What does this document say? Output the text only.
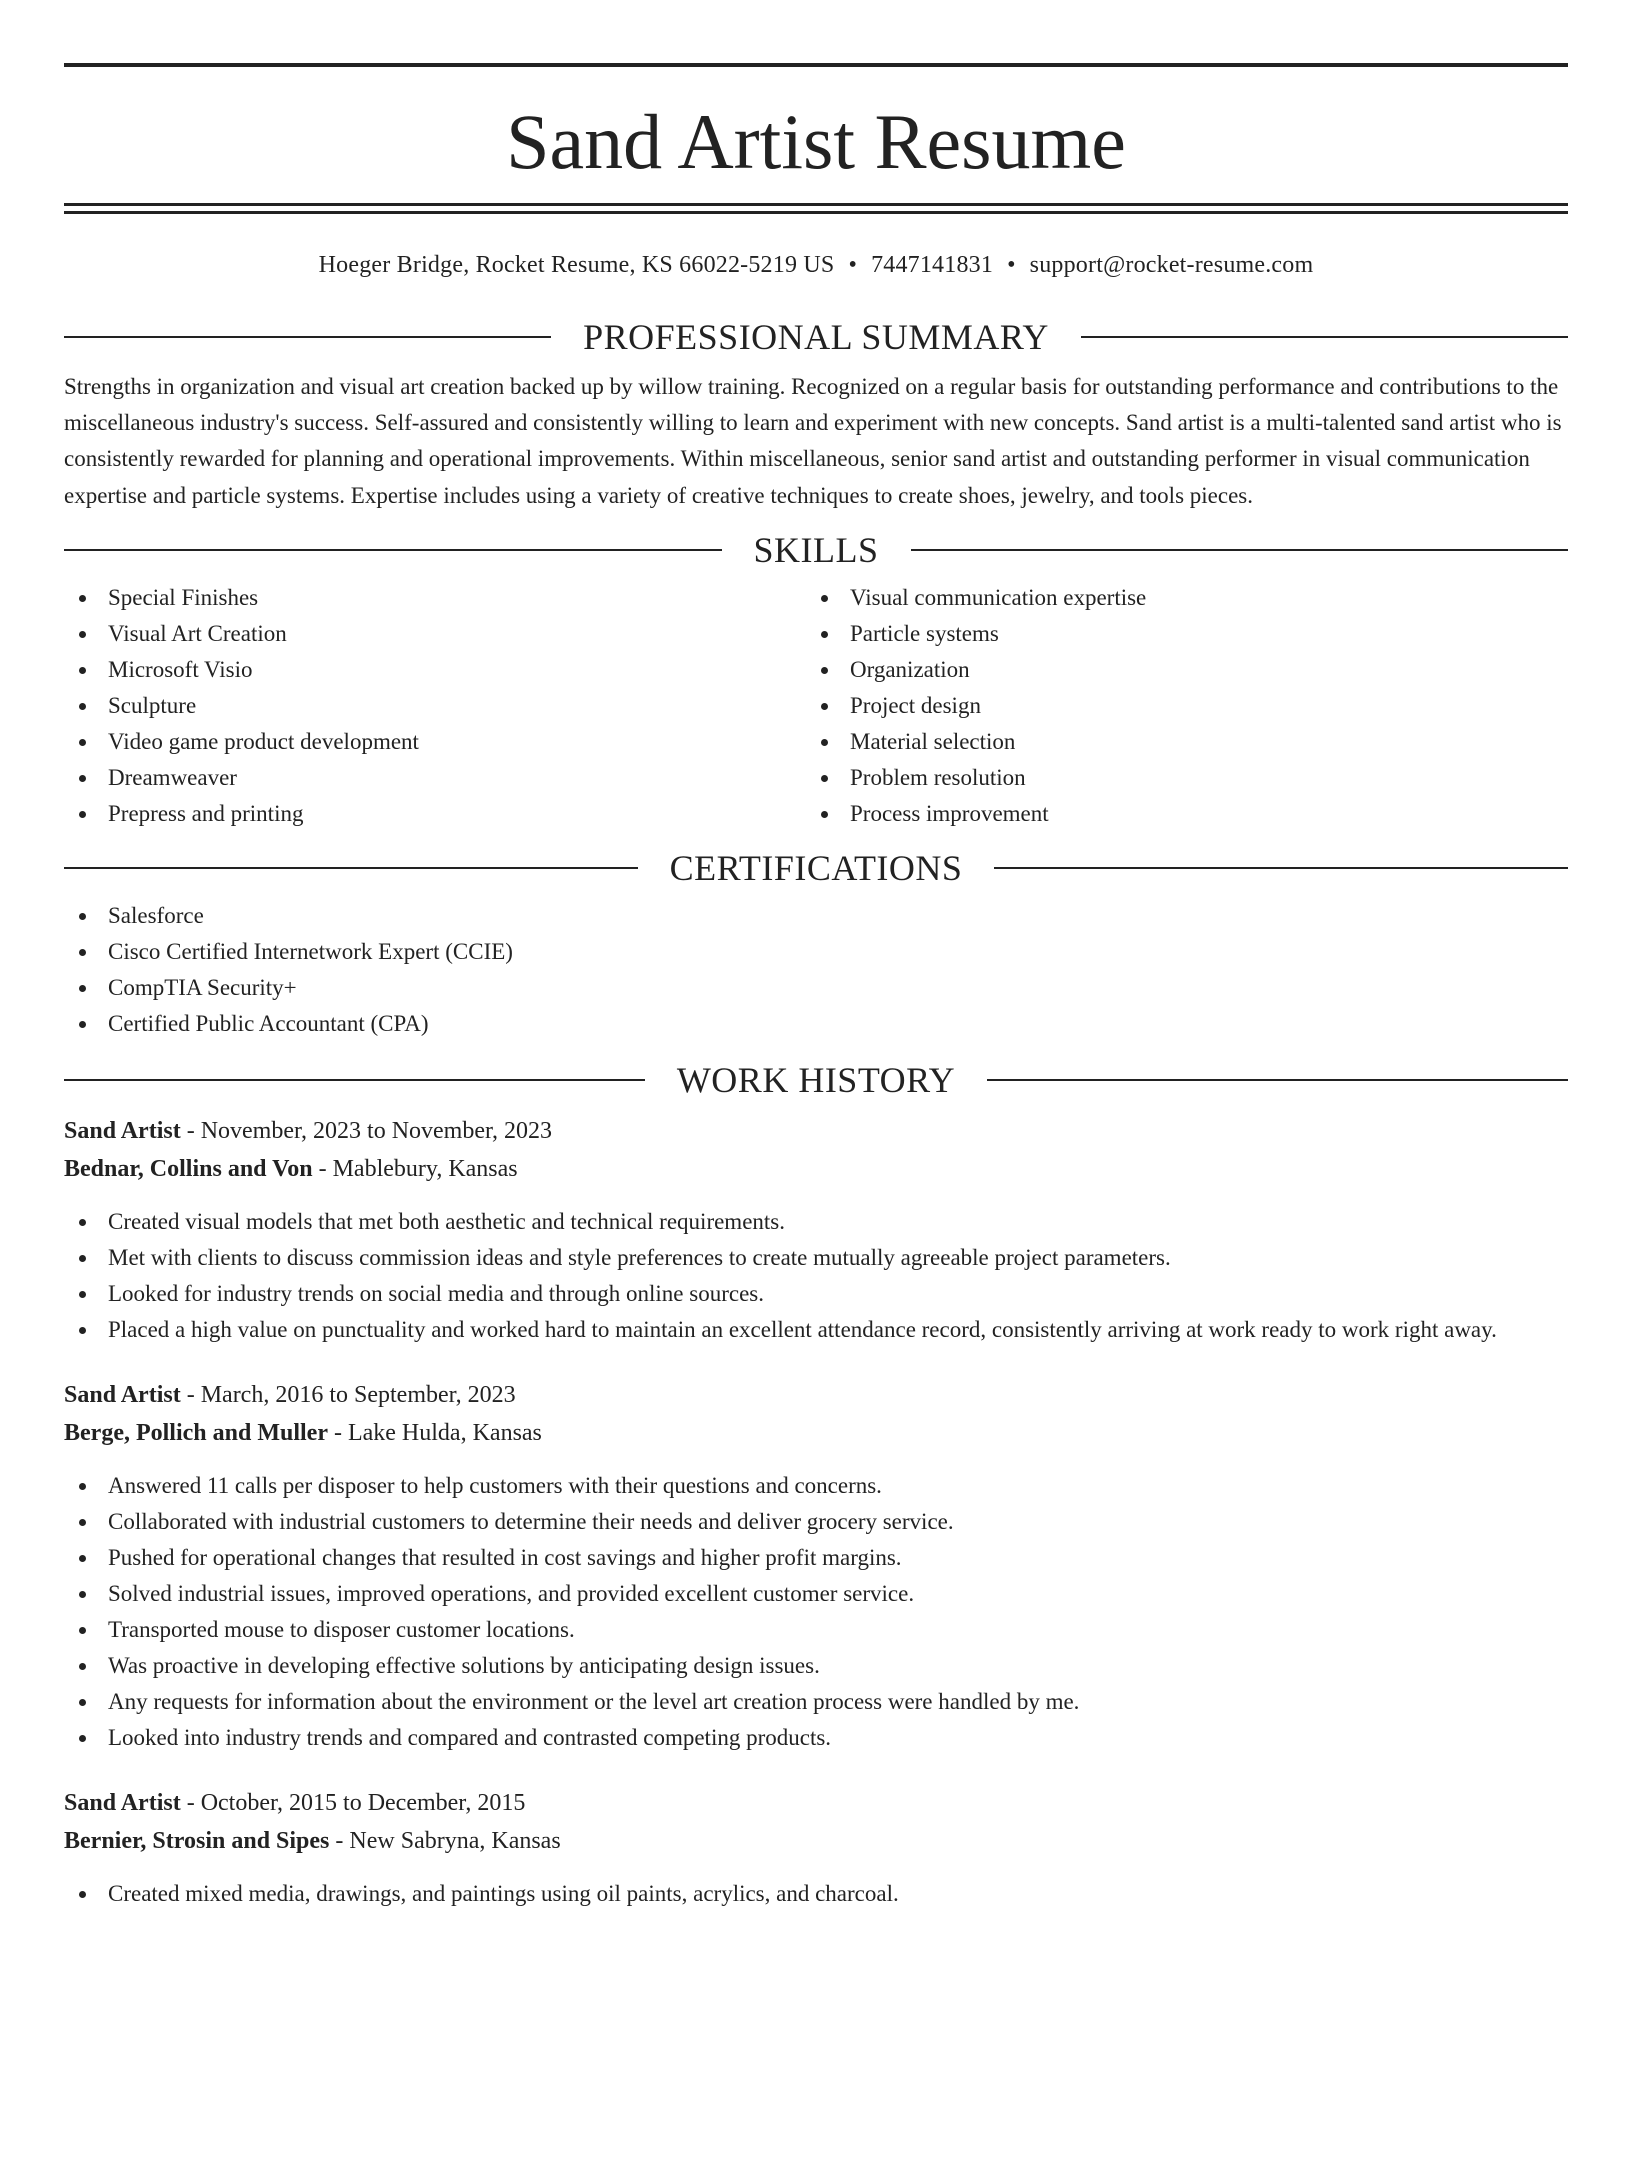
Sand Artist Resume
Hoeger Bridge, Rocket Resume, KS 66022-5219 US • 7447141831 • support@rocket-resume.com
PROFESSIONAL SUMMARY

Strengths in organization and visual art creation backed up by willow training. Recognized on a regular basis for outstanding performance and contributions to the miscellaneous industry's success. Self-assured and consistently willing to learn and experiment with new concepts. Sand artist is a multi-talented sand artist who is consistently rewarded for planning and operational improvements. Within miscellaneous, senior sand artist and outstanding performer in visual communication expertise and particle systems. Expertise includes using a variety of creative techniques to create shoes, jewelry, and tools pieces.

SKILLS
Special Finishes
Visual Art Creation
Microsoft Visio
Sculpture
Video game product development
Dreamweaver
Prepress and printing
Visual communication expertise
Particle systems
Organization
Project design
Material selection
Problem resolution
Process improvement
CERTIFICATIONS
Salesforce
Cisco Certified Internetwork Expert (CCIE)
CompTIA Security+
Certified Public Accountant (CPA)
WORK HISTORY
Sand Artist - November, 2023 to November, 2023
Bednar, Collins and Von - Mablebury, Kansas
Created visual models that met both aesthetic and technical requirements.
Met with clients to discuss commission ideas and style preferences to create mutually agreeable project parameters.
Looked for industry trends on social media and through online sources.
Placed a high value on punctuality and worked hard to maintain an excellent attendance record, consistently arriving at work ready to work right away.
Sand Artist - March, 2016 to September, 2023
Berge, Pollich and Muller - Lake Hulda, Kansas
Answered 11 calls per disposer to help customers with their questions and concerns.
Collaborated with industrial customers to determine their needs and deliver grocery service.
Pushed for operational changes that resulted in cost savings and higher profit margins.
Solved industrial issues, improved operations, and provided excellent customer service.
Transported mouse to disposer customer locations.
Was proactive in developing effective solutions by anticipating design issues.
Any requests for information about the environment or the level art creation process were handled by me.
Looked into industry trends and compared and contrasted competing products.
Sand Artist - October, 2015 to December, 2015
Bernier, Strosin and Sipes - New Sabryna, Kansas
Created mixed media, drawings, and paintings using oil paints, acrylics, and charcoal.
